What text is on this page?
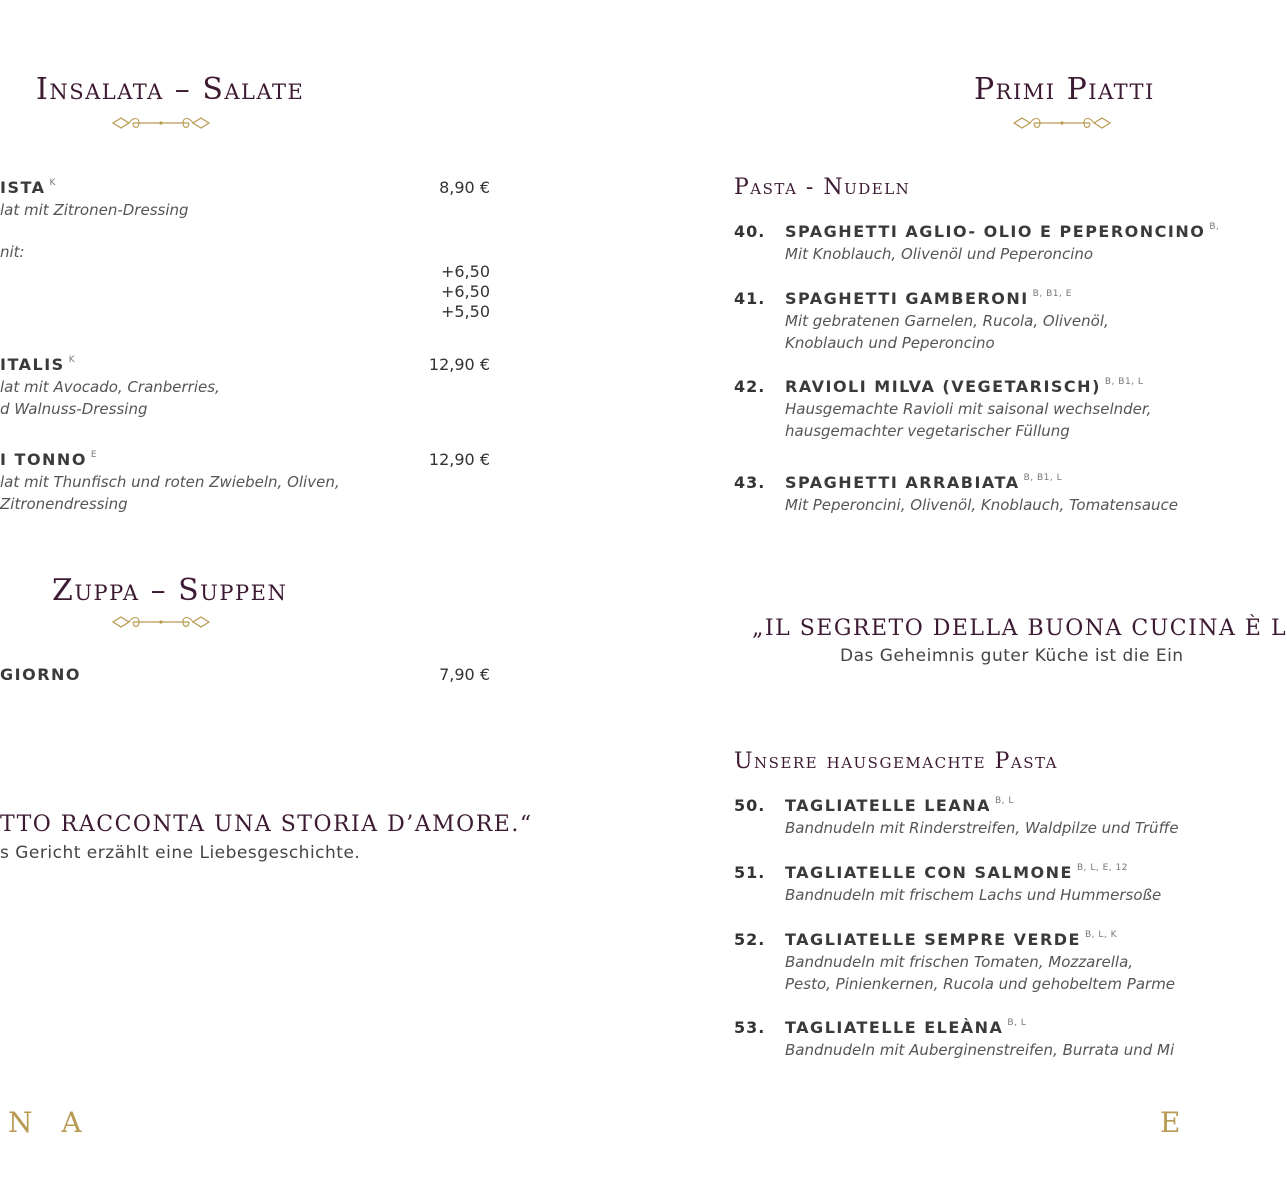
Insalata – Salate
ISTA $^K$	8,90 €
lat mit Zitronen-Dressing
nit:
+6,50
+6,50
+5,50
ITALIS $^K$	12,90 €
lat mit Avocado, Cranberries,
d Walnuss-Dressing
I TONNO $^E$	12,90 €
lat mit Thunfisch und roten Zwiebeln, Oliven,
Zitronendressing
Zuppa – Suppen
GIORNO	7,90 €
TTO RACCONTA UNA STORIA D’AMORE.“
s Gericht erzählt eine Liebesgeschichte.
N A
Primi Piatti
Pasta - Nudeln
40. SPAGHETTI AGLIO- OLIO E PEPERONCINO $^{B,}$
Mit Knoblauch, Olivenöl und Peperoncino
41. SPAGHETTI GAMBERONI $^{B, B1, E}$
Mit gebratenen Garnelen, Rucola, Olivenöl,
Knoblauch und Peperoncino
42. RAVIOLI MILVA (VEGETARISCH) $^{B, B1, L}$
Hausgemachte Ravioli mit saisonal wechselnder,
hausgemachter vegetarischer Füllung
43. SPAGHETTI ARRABIATA $^{B, B1, L}$
Mit Peperoncini, Olivenöl, Knoblauch, Tomatensauce
„IL SEGRETO DELLA BUONA CUCINA È L
Das Geheimnis guter Küche ist die Ein
Unsere hausgemachte Pasta
50. TAGLIATELLE LEANA $^{B, L}$
Bandnudeln mit Rinderstreifen, Waldpilze und Trüffe
51. TAGLIATELLE CON SALMONE $^{B, L, E, 12}$
Bandnudeln mit frischem Lachs und Hummersoße
52. TAGLIATELLE SEMPRE VERDE $^{B, L, K}$
Bandnudeln mit frischen Tomaten, Mozzarella,
Pesto, Pinienkernen, Rucola und gehobeltem Parme
53. TAGLIATELLE ELEÀNA $^{B, L}$
Bandnudeln mit Auberginenstreifen, Burrata und Mi
E
